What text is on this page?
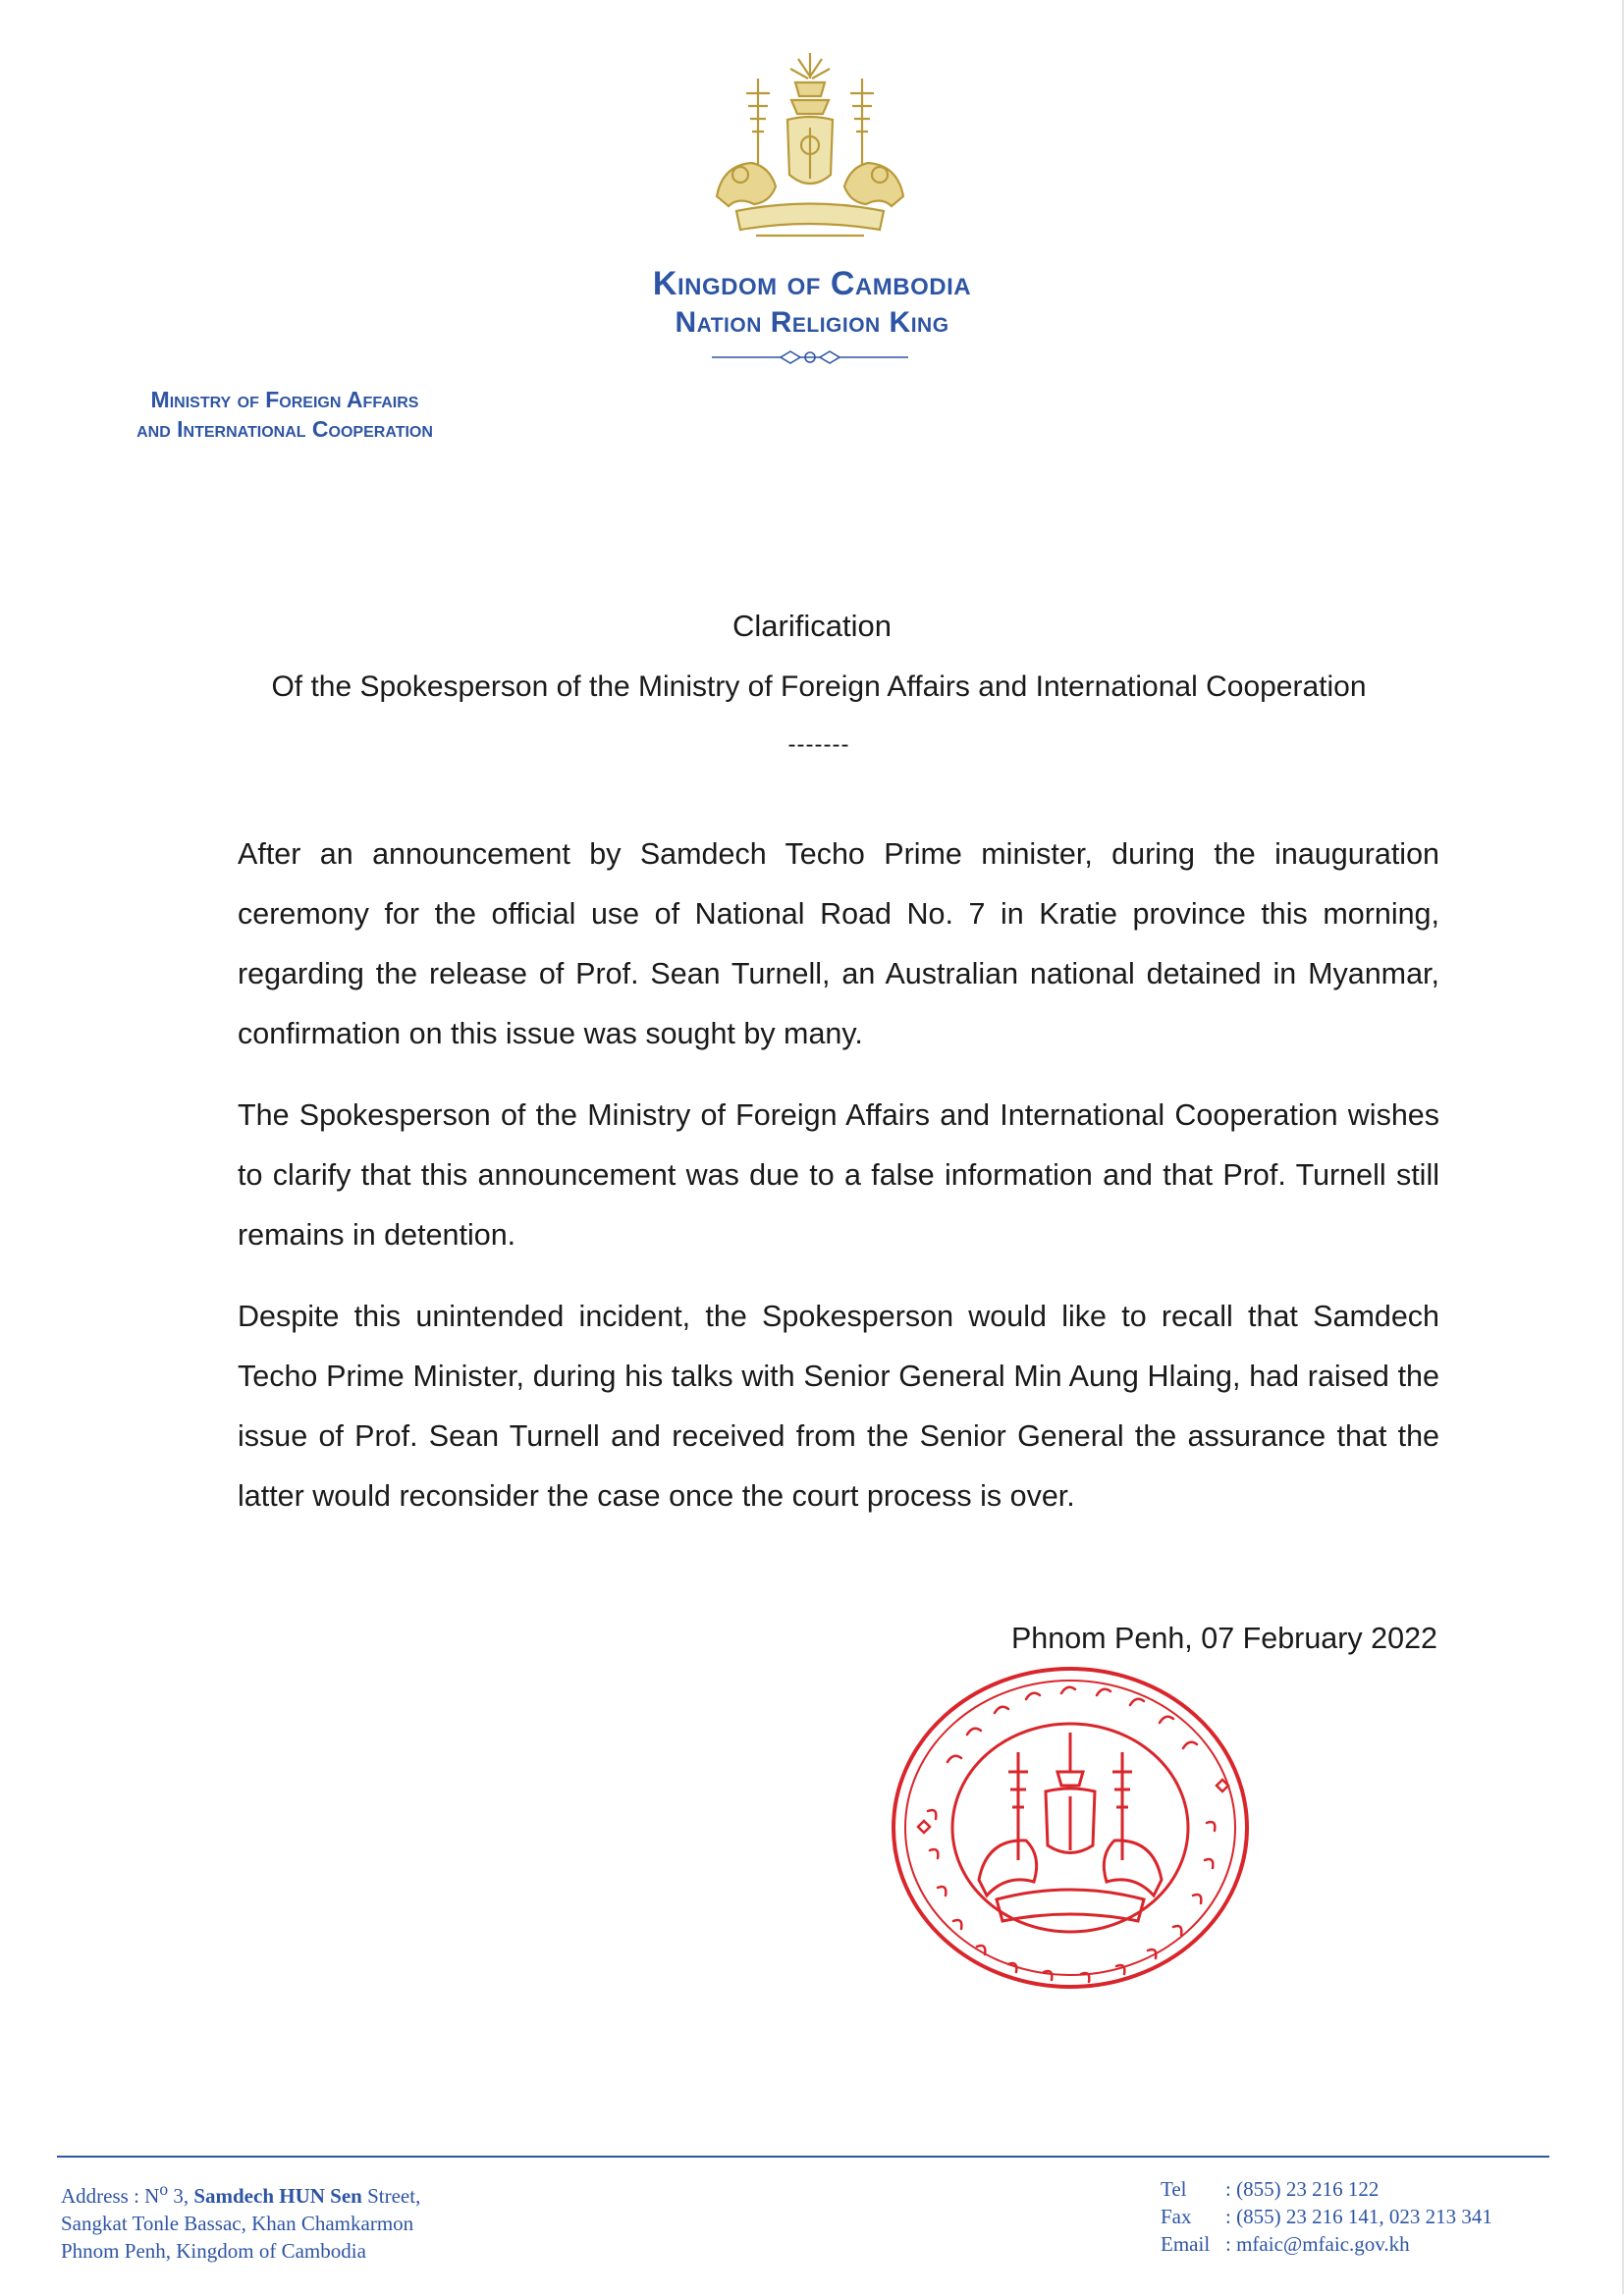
Kingdom of Cambodia
Nation Religion King
Ministry of Foreign Affairs
and International Cooperation
Clarification
Of the Spokesperson of the Ministry of Foreign Affairs and International Cooperation
-------

After an announcement by Samdech Techo Prime minister, during the inauguration ceremony for the official use of National Road No. 7 in Kratie province this morning, regarding the release of Prof. Sean Turnell, an Australian national detained in Myanmar, confirmation on this issue was sought by many.

The Spokesperson of the Ministry of Foreign Affairs and International Cooperation wishes to clarify that this announcement was due to a false information and that Prof. Turnell still remains in detention.

Despite this unintended incident, the Spokesperson would like to recall that Samdech Techo Prime Minister, during his talks with Senior General Min Aung Hlaing, had raised the issue of Prof. Sean Turnell and received from the Senior General the assurance that the latter would reconsider the case once the court process is over.

Phnom Penh, 07 February 2022
Address : $N^o$ 3, Samdech HUN Sen Street,
Sangkat Tonle Bassac, Khan Chamkarmon
Phnom Penh, Kingdom of Cambodia
Tel	: (855) 23 216 122
Fax	: (855) 23 216 141, 023 213 341
Email : mfaic@mfaic.gov.kh
